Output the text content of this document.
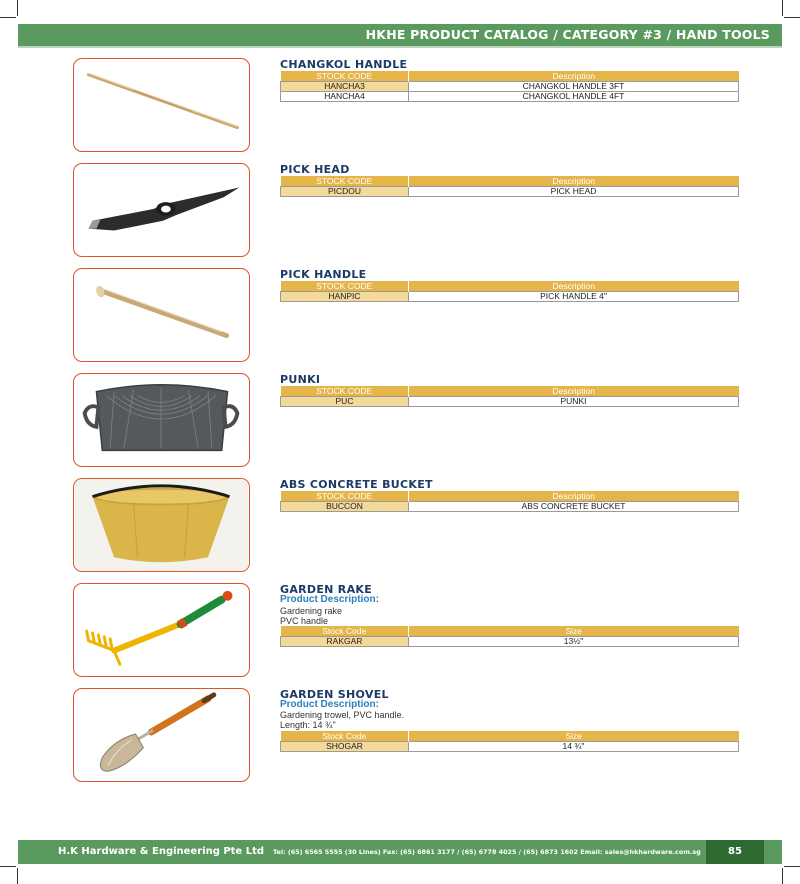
HKHE PRODUCT CATALOG / CATEGORY #3 / HAND TOOLS
CHANGKOL HANDLE
STOCK CODE	Description
HANCHA3	CHANGKOL HANDLE 3FT
HANCHA4	CHANGKOL HANDLE 4FT
PICK HEAD
STOCK CODE	Description
PICDOU	PICK HEAD
PICK HANDLE
STOCK CODE	Description
HANPIC	PICK HANDLE 4"
PUNKI
STOCK CODE	Description
PUC	PUNKI
ABS CONCRETE BUCKET
STOCK CODE	Description
BUCCON	ABS CONCRETE BUCKET
GARDEN RAKE
Product Description:
Gardening rake
PVC handle
Stock Code	Size
RAKGAR	13½"
GARDEN SHOVEL
Product Description:
Gardening trowel, PVC handle.
Length: 14 ¾"
Stock Code	Size
SHOGAR	14 ¾"
H.K Hardware & Engineering Pte Ltd Tel: (65) 6565 5555 (30 Lines) Fax: (65) 6861 3177 / (65) 6778 4025 / (65) 6873 1602 Email: sales@hkhardware.com.sg	85
